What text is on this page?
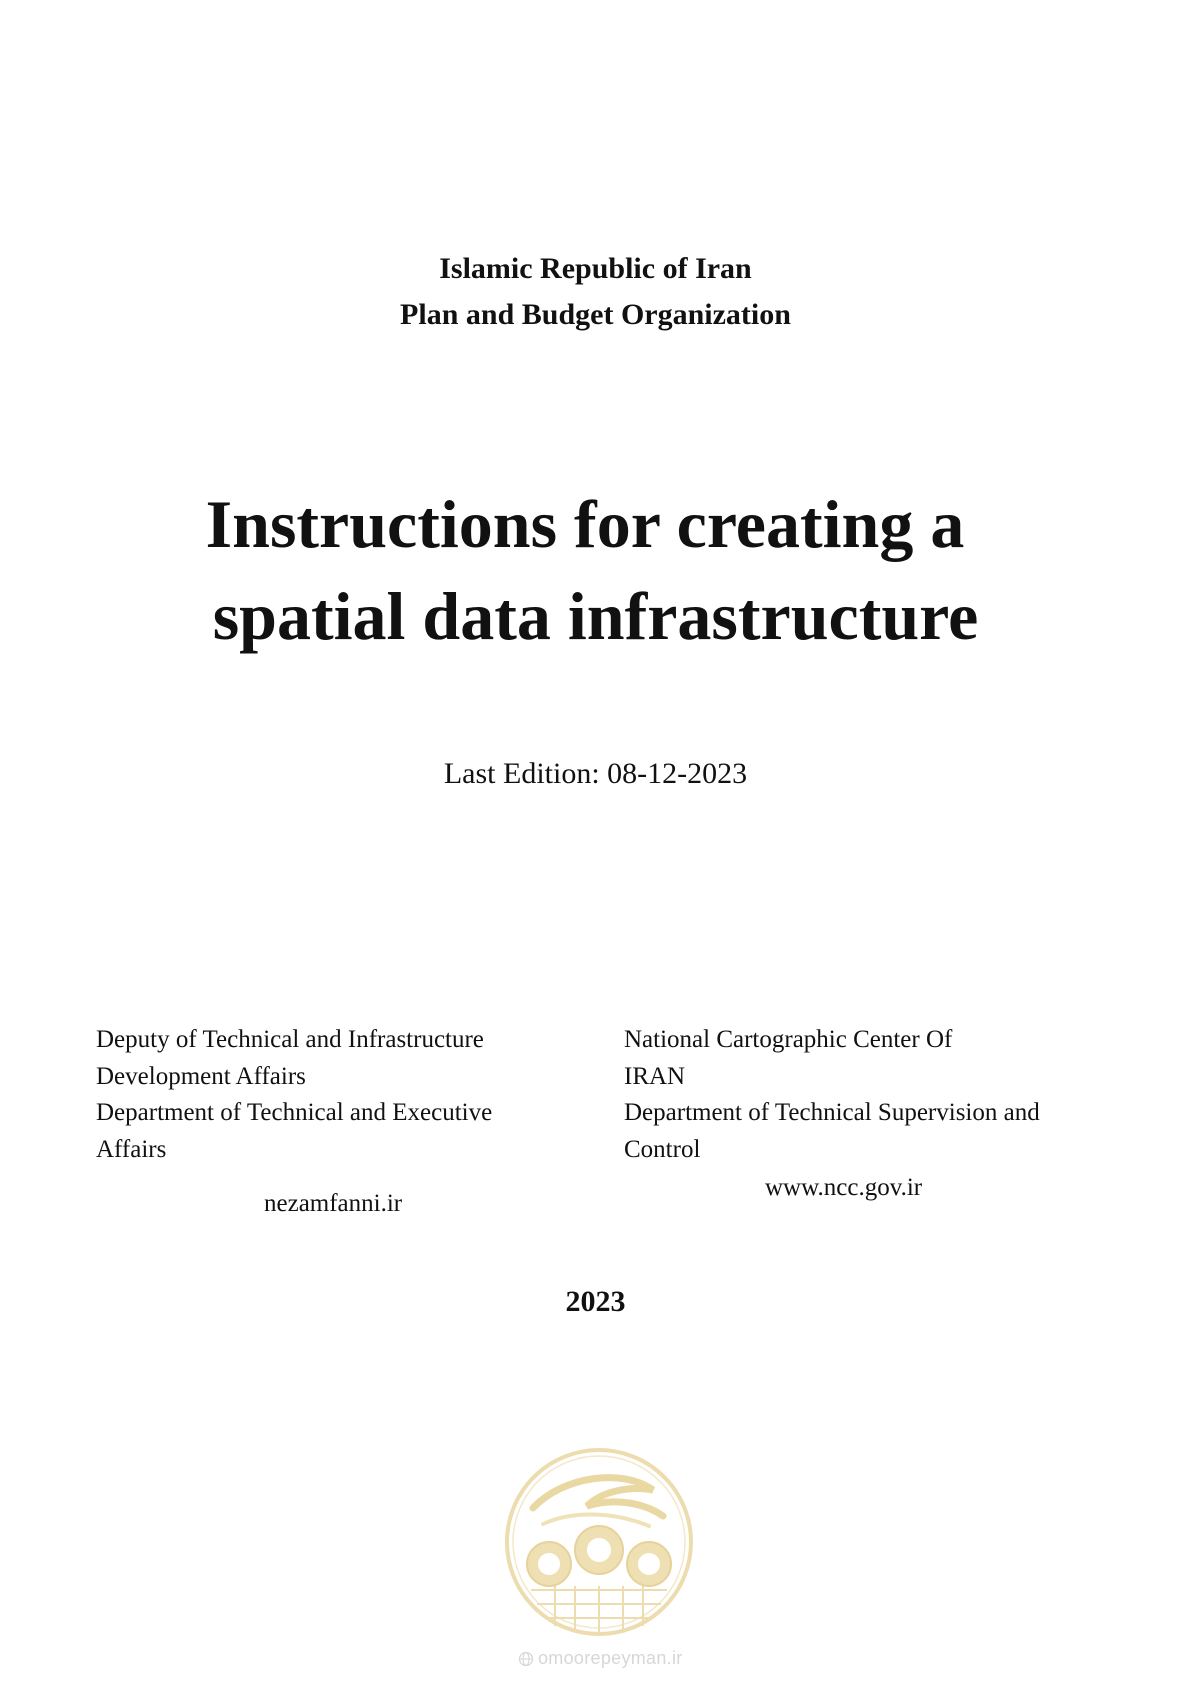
Islamic Republic of Iran
Plan and Budget Organization
Instructions for creating a
spatial data infrastructure
Last Edition: 08-12-2023
Deputy of Technical and Infrastructure
Development Affairs
Department of Technical and Executive
Affairs
nezamfanni.ir
National Cartographic Center Of
IRAN
Department of Technical Supervision and
Control
www.ncc.gov.ir
2023
omoorepeyman.ir
